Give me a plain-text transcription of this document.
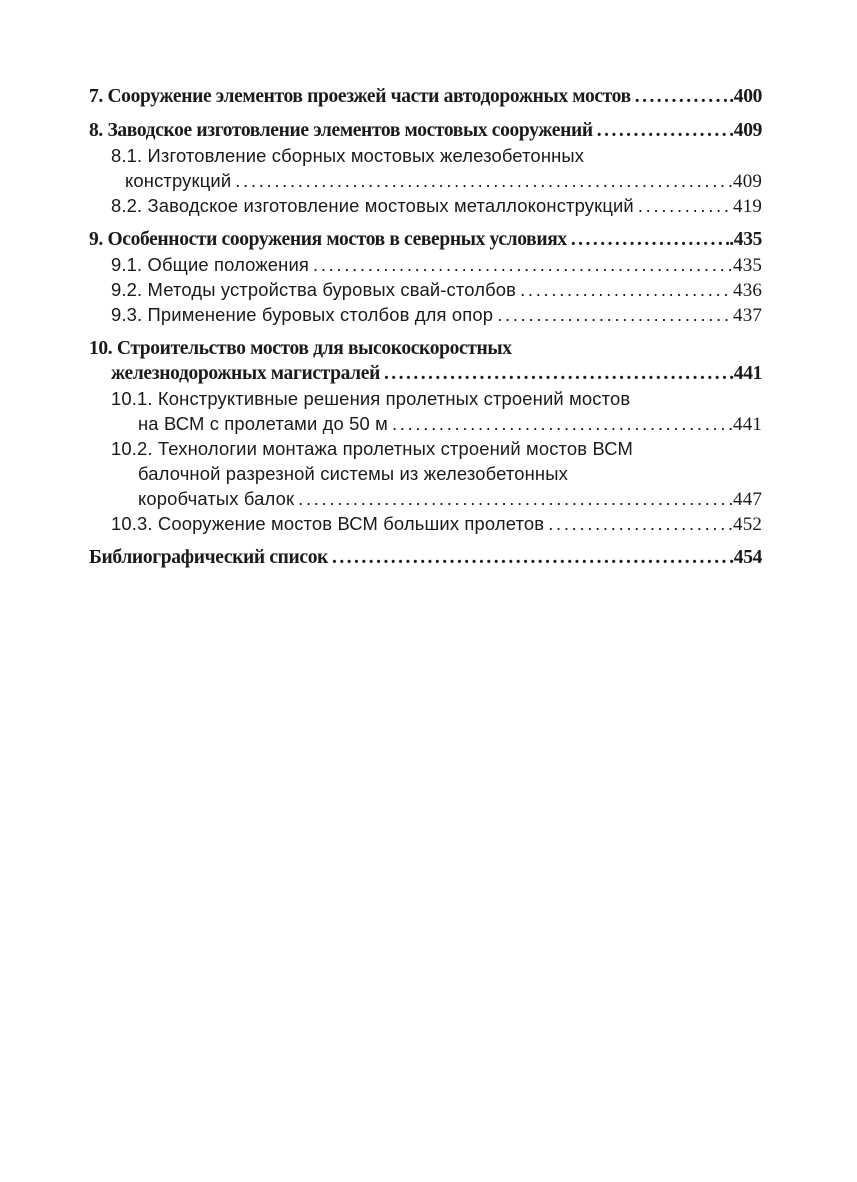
7. Сооружение элементов проезжей части автодорожных мостов . . .	.400
8. Заводское изготовление элементов мостовых сооружений . . .	.409
8.1. Изготовление сборных мостовых железобетонных
конструкций . . .	409
8.2. Заводское изготовление мостовых металлоконструкций . . .	419
9. Особенности сооружения мостов в северных условиях . . .	.435
9.1. Общие положения . . .	435
9.2. Методы устройства буровых свай-столбов . . .	436
9.3. Применение буровых столбов для опор . . .	437
10. Строительство мостов для высокоскоростных
железнодорожных магистралей . . .	.441
10.1. Конструктивные решения пролетных строений мостов
на ВСМ с пролетами до 50 м . . .	441
10.2. Технологии монтажа пролетных строений мостов ВСМ
балочной разрезной системы из железобетонных
коробчатых балок . . .	447
10.3. Сооружение мостов ВСМ больших пролетов . . .	452
Библиографический список . . .	.454
